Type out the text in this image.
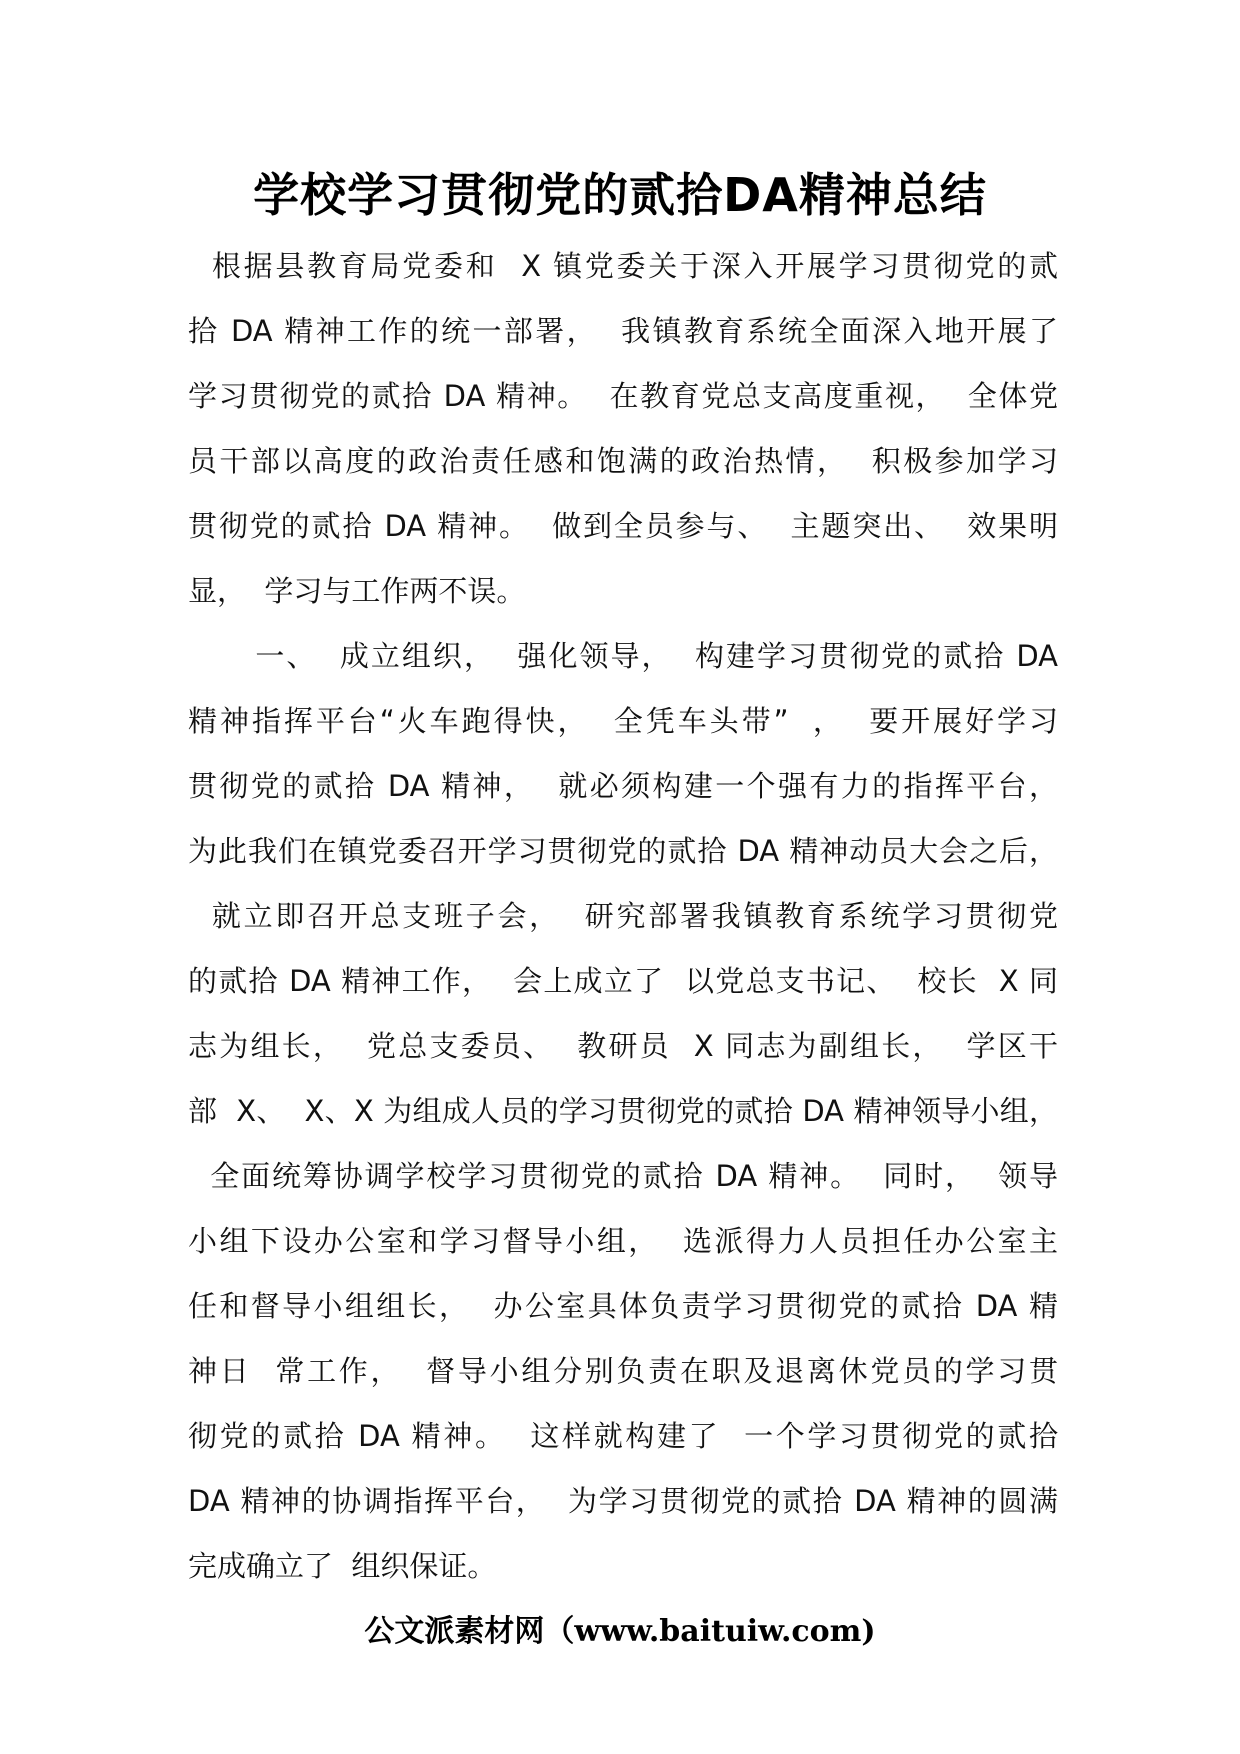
学校学习贯彻党的贰拾DA精神总结
根据县教育局党委和  X 镇党委关于深入开展学习贯彻党的贰
拾 DA 精神工作的统一部署，  我镇教育系统全面深入地开展了
学习贯彻党的贰拾 DA 精神。  在教育党总支高度重视，  全体党
员干部以高度的政治责任感和饱满的政治热情，  积极参加学习
贯彻党的贰拾 DA 精神。  做到全员参与、  主题突出、  效果明
显，  学习与工作两不误。
一、  成立组织，  强化领导，  构建学习贯彻党的贰拾 DA
精神指挥平台“火车跑得快，  全凭车头带”  ，  要开展好学习
贯彻党的贰拾 DA 精神，  就必须构建一个强有力的指挥平台，
为此我们在镇党委召开学习贯彻党的贰拾 DA 精神动员大会之后，
就立即召开总支班子会，  研究部署我镇教育系统学习贯彻党
的贰拾 DA 精神工作，  会上成立了  以党总支书记、  校长  X 同
志为组长，  党总支委员、  教研员  X 同志为副组长，  学区干
部  X、  X、X 为组成人员的学习贯彻党的贰拾 DA 精神领导小组，
全面统筹协调学校学习贯彻党的贰拾 DA 精神。  同时，  领导
小组下设办公室和学习督导小组，  选派得力人员担任办公室主
任和督导小组组长，  办公室具体负责学习贯彻党的贰拾 DA 精
神日  常工作，  督导小组分别负责在职及退离休党员的学习贯
彻党的贰拾 DA 精神。  这样就构建了  一个学习贯彻党的贰拾
DA 精神的协调指挥平台，  为学习贯彻党的贰拾 DA 精神的圆满
完成确立了  组织保证。
公文派素材网（www.baituiw.com)
